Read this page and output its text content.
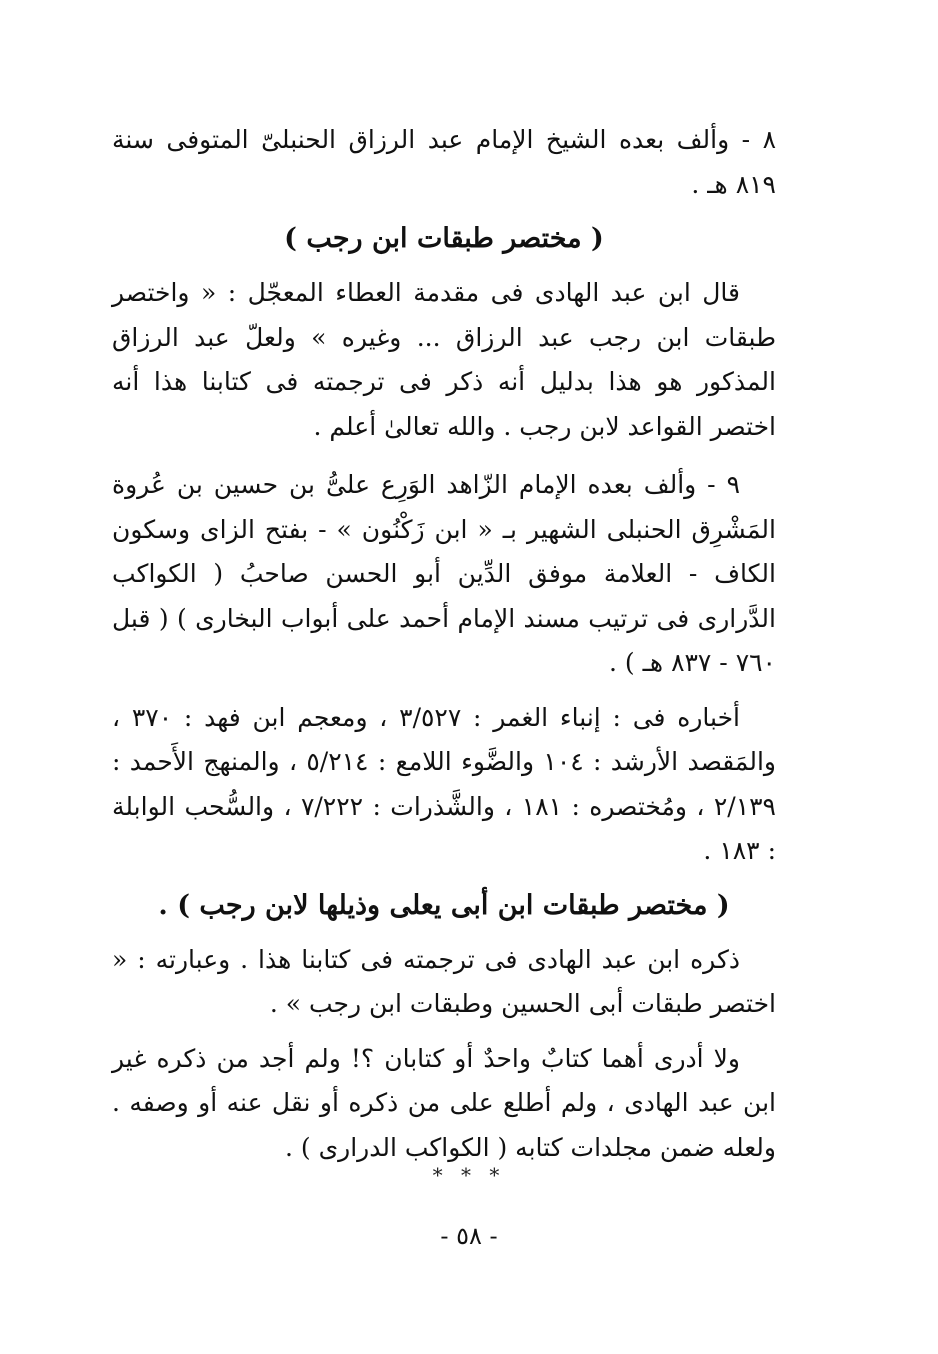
٨ - وألف بعده الشيخ الإمام عبد الرزاق الحنبلىّ المتوفى سنة ٨١٩ هـ .

( مختصر طبقات ابن رجب )

قال ابن عبد الهادى فى مقدمة العطاء المعجّل : « واختصر طبقات ابن رجب عبد الرزاق ... وغيره » ولعلّ عبد الرزاق المذكور هو هذا بدليل أنه ذكر فى ترجمته فى كتابنا هذا أنه اختصر القواعد لابن رجب . والله تعالىٰ أعلم .

٩ - وألف بعده الإمام الزّاهد الوَرِع علىُّ بن حسين بن عُروة المَشْرِق الحنبلى الشهير بـ « ابن زَكْنُون » - بفتح الزاى وسكون الكاف - العلامة موفق الدِّين أبو الحسن صاحبُ ( الكواكب الدَّرارى فى ترتيب مسند الإمام أحمد على أبواب البخارى ) ( قبل ٧٦٠ - ٨٣٧ هـ ) .

أخباره فى : إنباء الغمر : ٣/٥٢٧ ، ومعجم ابن فهد : ٣٧٠ ، والمَقصد الأرشد : ١٠٤ والضَّوء اللامع : ٥/٢١٤ ، والمنهج الأَحمد : ٢/١٣٩ ، ومُختصره : ١٨١ ، والشَّذرات : ٧/٢٢٢ ، والسُّحب الوابلة : ١٨٣ .

( مختصر طبقات ابن أبى يعلى وذيلها لابن رجب ) .

ذكره ابن عبد الهادى فى ترجمته فى كتابنا هذا . وعبارته : « اختصر طبقات أبى الحسين وطبقات ابن رجب » .

ولا أدرى أهما كتابٌ واحدٌ أو كتابان ؟! ولم أجد من ذكره غير ابن عبد الهادى ، ولم أطلع على من ذكره أو نقل عنه أو وصفه . ولعله ضمن مجلدات كتابه ( الكواكب الدرارى ) .

* * *
- ٥٨ -
